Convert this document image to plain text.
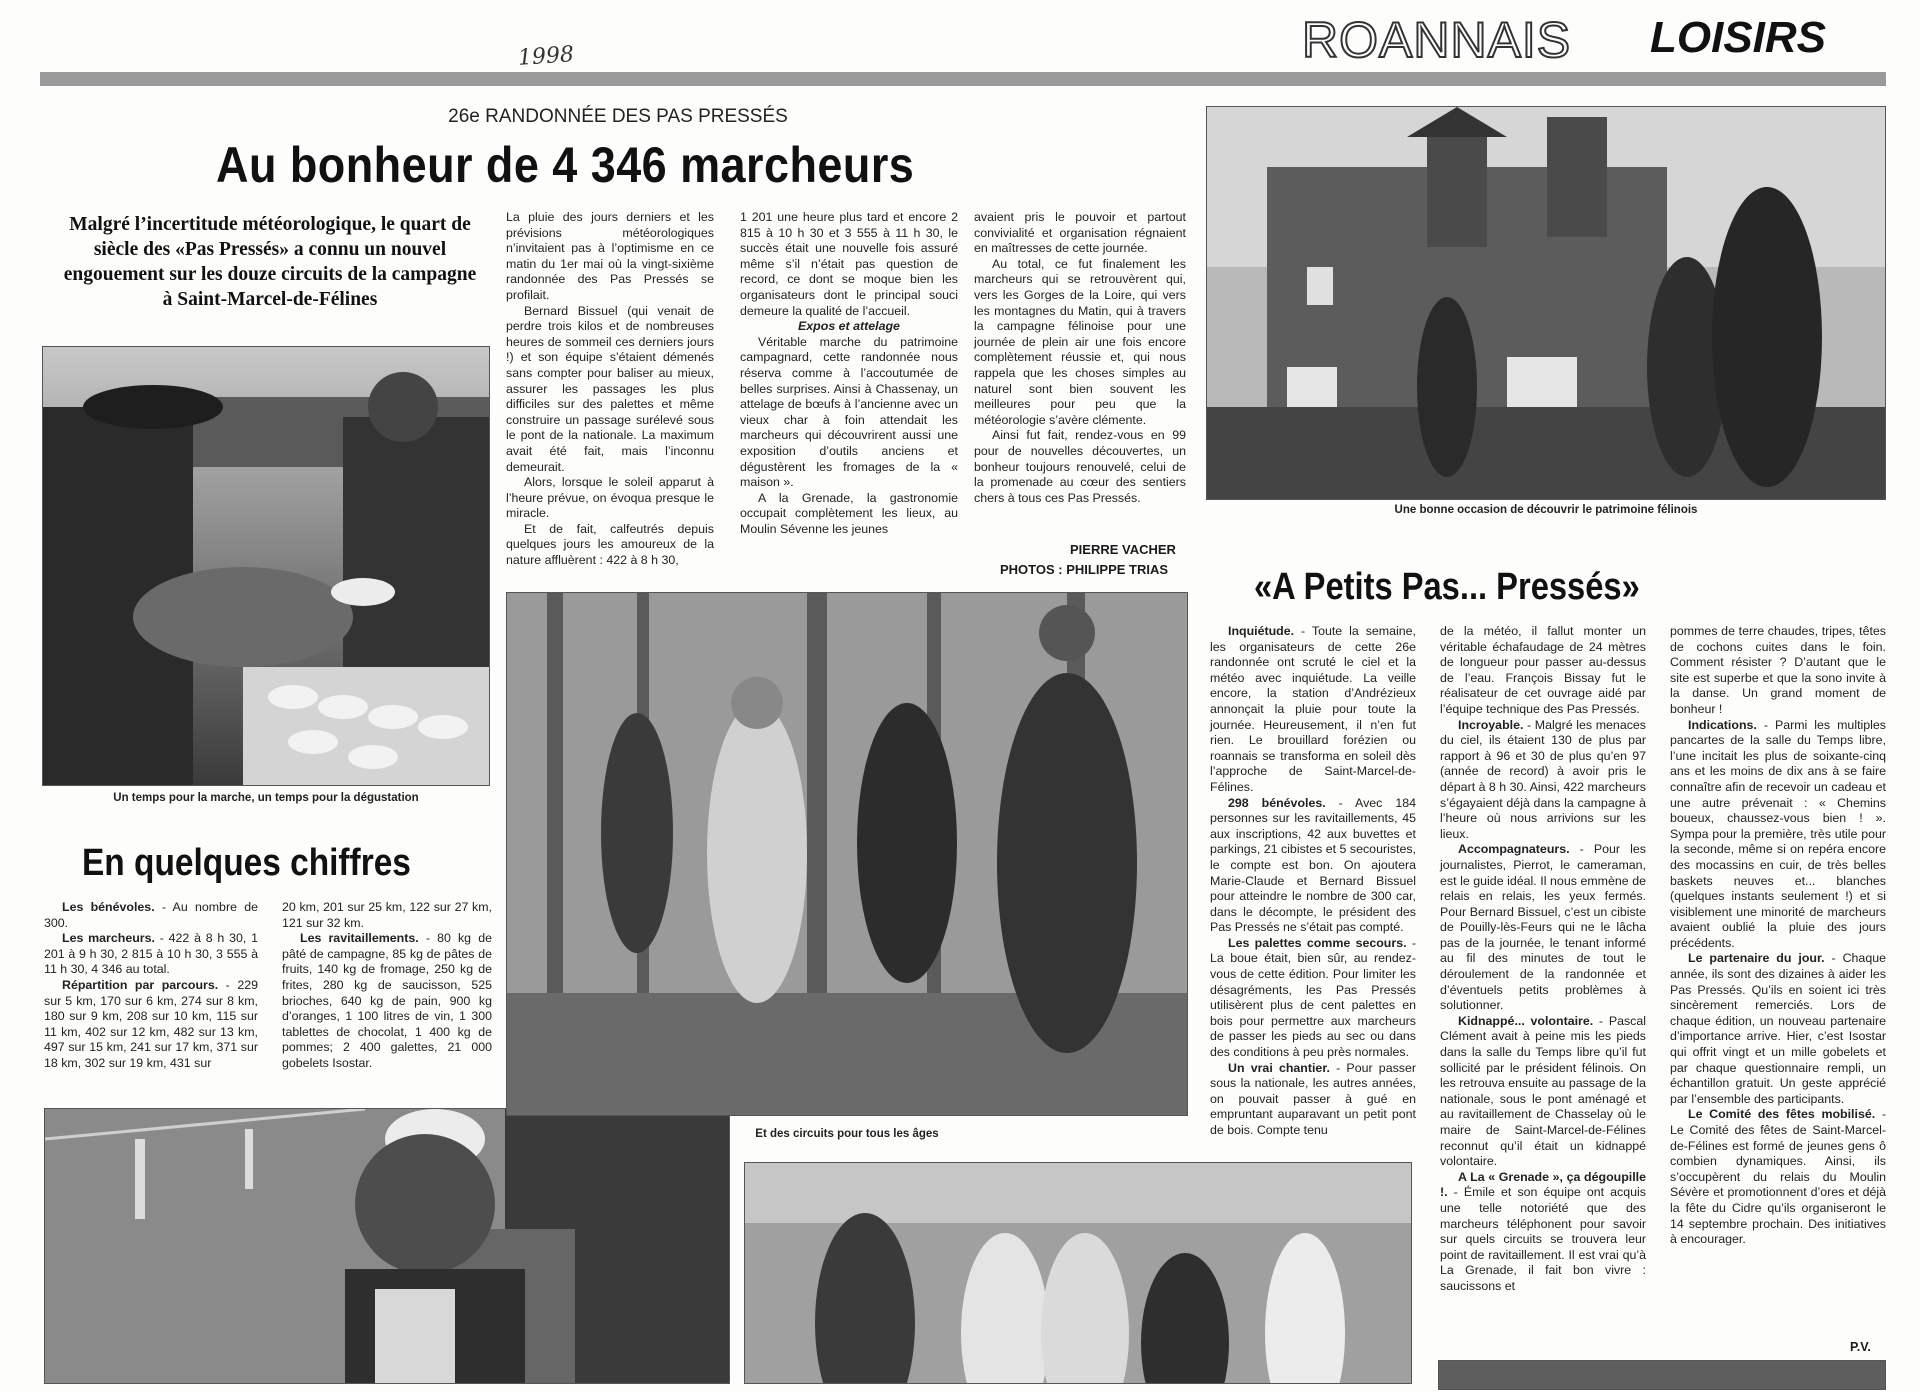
1998	ROANNAIS LOISIRS
26e RANDONNÉE DES PAS PRESSÉS
Au bonheur de 4 346 marcheurs
Malgré l’incertitude météorologique, le quart de siècle des «Pas Pressés» a connu un nouvel engouement sur les douze circuits de la campagne à Saint-Marcel-de-Félines
Un temps pour la marche, un temps pour la dégustation
En quelques chiffres

Les bénévoles. - Au nombre de 300.

Les marcheurs. - 422 à 8 h 30, 1 201 à 9 h 30, 2 815 à 10 h 30, 3 555 à 11 h 30, 4 346 au total.

Répartition par parcours. - 229 sur 5 km, 170 sur 6 km, 274 sur 8 km, 180 sur 9 km, 208 sur 10 km, 115 sur 11 km, 402 sur 12 km, 482 sur 13 km, 497 sur 15 km, 241 sur 17 km, 371 sur 18 km, 302 sur 19 km, 431 sur

20 km, 201 sur 25 km, 122 sur 27 km, 121 sur 32 km.

Les ravitaillements. - 80 kg de pâté de campagne, 85 kg de pâtes de fruits, 140 kg de fromage, 250 kg de frites, 280 kg de saucisson, 525 brioches, 640 kg de pain, 900 kg d’oranges, 1 100 litres de vin, 1 300 tablettes de chocolat, 1 400 kg de pommes; 2 400 galettes, 21 000 gobelets Isostar.

La pluie des jours derniers et les prévisions météorologiques n’invitaient pas à l’optimisme en ce matin du 1er mai où la vingt-sixième randonnée des Pas Pressés se profilait.

Bernard Bissuel (qui venait de perdre trois kilos et de nombreuses heures de sommeil ces derniers jours !) et son équipe s’étaient démenés sans compter pour baliser au mieux, assurer les passages les plus difficiles sur des palettes et même construire un passage surélevé sous le pont de la nationale. La maximum avait été fait, mais l’inconnu demeurait.

Alors, lorsque le soleil apparut à l’heure prévue, on évoqua presque le miracle.

Et de fait, calfeutrés depuis quelques jours les amoureux de la nature affluèrent : 422 à 8 h 30,

1 201 une heure plus tard et encore 2 815 à 10 h 30 et 3 555 à 11 h 30, le succès était une nouvelle fois assuré même s’il n’était pas question de record, ce dont se moque bien les organisateurs dont le principal souci demeure la qualité de l’accueil.

Expos et attelage

Véritable marche du patrimoine campagnard, cette randonnée nous réserva comme à l’accoutumée de belles surprises. Ainsi à Chassenay, un attelage de bœufs à l’ancienne avec un vieux char à foin attendait les marcheurs qui découvrirent aussi une exposition d’outils anciens et dégustèrent les fromages de la « maison ».

A la Grenade, la gastronomie occupait complètement les lieux, au Moulin Sévenne les jeunes

avaient pris le pouvoir et partout convivialité et organisation régnaient en maîtresses de cette journée.

Au total, ce fut finalement les marcheurs qui se retrouvèrent qui, vers les Gorges de la Loire, qui vers les montagnes du Matin, qui à travers la campagne félinoise pour une journée de plein air une fois encore complètement réussie et, qui nous rappela que les choses simples au naturel sont bien souvent les meilleures pour peu que la météorologie s’avère clémente.

Ainsi fut fait, rendez-vous en 99 pour de nouvelles découvertes, un bonheur toujours renouvelé, celui de la promenade au cœur des sentiers chers à tous ces Pas Pressés.

PIERRE VACHER
PHOTOS : PHILIPPE TRIAS
Une bonne occasion de découvrir le patrimoine félinois
Et des circuits pour tous les âges
«A Petits Pas... Pressés»

Inquiétude. - Toute la semaine, les organisateurs de cette 26e randonnée ont scruté le ciel et la météo avec inquiétude. La veille encore, la station d’Andrézieux annonçait la pluie pour toute la journée. Heureusement, il n’en fut rien. Le brouillard forézien ou roannais se transforma en soleil dès l’approche de Saint-Marcel-de-Félines.

298 bénévoles. - Avec 184 personnes sur les ravitaillements, 45 aux inscriptions, 42 aux buvettes et parkings, 21 cibistes et 5 secouristes, le compte est bon. On ajoutera Marie-Claude et Bernard Bissuel pour atteindre le nombre de 300 car, dans le décompte, le président des Pas Pressés ne s’était pas compté.

Les palettes comme secours. - La boue était, bien sûr, au rendez-vous de cette édition. Pour limiter les désagréments, les Pas Pressés utilisèrent plus de cent palettes en bois pour permettre aux marcheurs de passer les pieds au sec ou dans des conditions à peu près normales.

Un vrai chantier. - Pour passer sous la nationale, les autres années, on pouvait passer à gué en empruntant auparavant un petit pont de bois. Compte tenu

de la météo, il fallut monter un véritable échafaudage de 24 mètres de longueur pour passer au-dessus de l’eau. François Bissay fut le réalisateur de cet ouvrage aidé par l’équipe technique des Pas Pressés.

Incroyable. - Malgré les menaces du ciel, ils étaient 130 de plus par rapport à 96 et 30 de plus qu’en 97 (année de record) à avoir pris le départ à 8 h 30. Ainsi, 422 marcheurs s’égayaient déjà dans la campagne à l’heure où nous arrivions sur les lieux.

Accompagnateurs. - Pour les journalistes, Pierrot, le cameraman, est le guide idéal. Il nous emmène de relais en relais, les yeux fermés. Pour Bernard Bissuel, c’est un cibiste de Pouilly-lès-Feurs qui ne le lâcha pas de la journée, le tenant informé au fil des minutes de tout le déroulement de la randonnée et d’éventuels petits problèmes à solutionner.

Kidnappé... volontaire. - Pascal Clément avait à peine mis les pieds dans la salle du Temps libre qu’il fut sollicité par le président félinois. On les retrouva ensuite au passage de la nationale, sous le pont aménagé et au ravitaillement de Chasselay où le maire de Saint-Marcel-de-Félines reconnut qu’il était un kidnappé volontaire.

A La « Grenade », ça dégoupille !. - Émile et son équipe ont acquis une telle notoriété que des marcheurs téléphonent pour savoir sur quels circuits se trouvera leur point de ravitaillement. Il est vrai qu’à La Grenade, il fait bon vivre : saucissons et

pommes de terre chaudes, tripes, têtes de cochons cuites dans le foin. Comment résister ? D’autant que le site est superbe et que la sono invite à la danse. Un grand moment de bonheur !

Indications. - Parmi les multiples pancartes de la salle du Temps libre, l’une incitait les plus de soixante-cinq ans et les moins de dix ans à se faire connaître afin de recevoir un cadeau et une autre prévenait : « Chemins boueux, chaussez-vous bien ! ». Sympa pour la première, très utile pour la seconde, même si on repéra encore des mocassins en cuir, de très belles baskets neuves et... blanches (quelques instants seulement !) et si visiblement une minorité de marcheurs avaient oublié la pluie des jours précédents.

Le partenaire du jour. - Chaque année, ils sont des dizaines à aider les Pas Pressés. Qu’ils en soient ici très sincèrement remerciés. Lors de chaque édition, un nouveau partenaire d’importance arrive. Hier, c’est Isostar qui offrit vingt et un mille gobelets et par chaque questionnaire rempli, un échantillon gratuit. Un geste apprécié par l’ensemble des participants.

Le Comité des fêtes mobilisé. - Le Comité des fêtes de Saint-Marcel-de-Félines est formé de jeunes gens ô combien dynamiques. Ainsi, ils s’occupèrent du relais du Moulin Sévère et promotionnent d’ores et déjà la fête du Cidre qu’ils organiseront le 14 septembre prochain. Des initiatives à encourager.

P.V.
